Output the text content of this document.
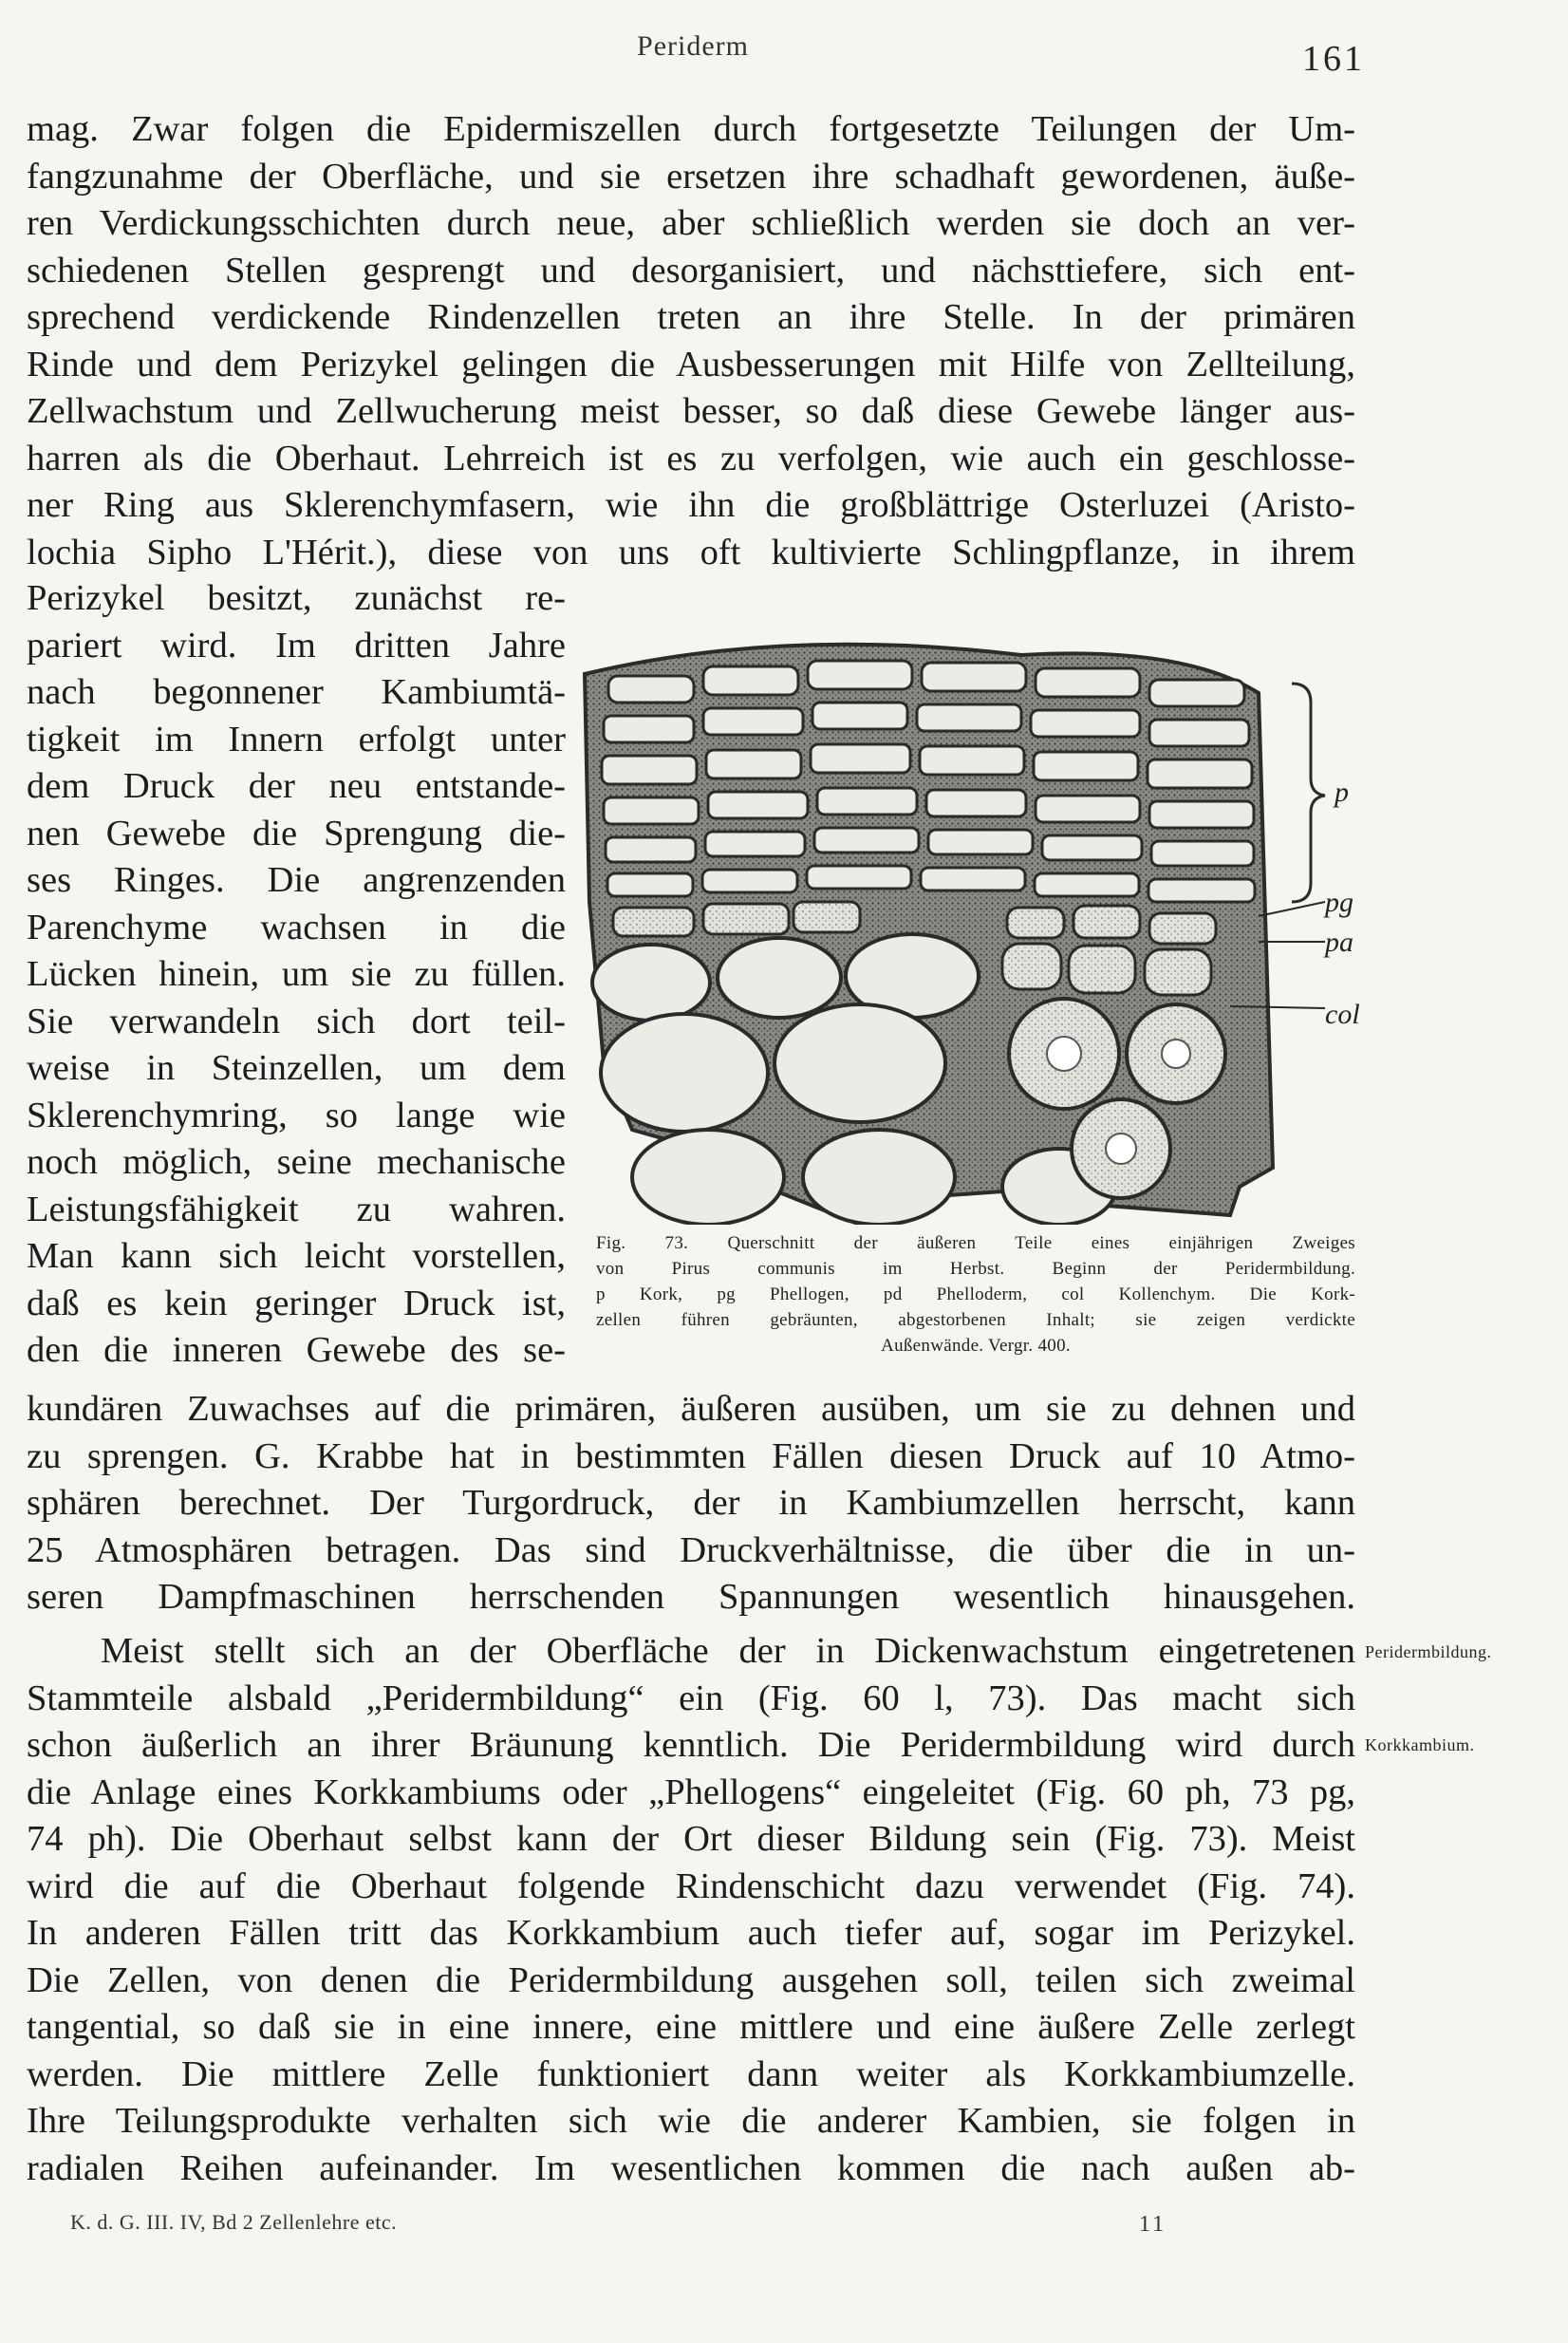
Periderm	161
mag. Zwar folgen die Epidermiszellen durch fortgesetzte Teilungen der Um-
fangzunahme der Oberfläche, und sie ersetzen ihre schadhaft gewordenen, äuße-
ren Verdickungsschichten durch neue, aber schließlich werden sie doch an ver-
schiedenen Stellen gesprengt und desorganisiert, und nächsttiefere, sich ent-
sprechend verdickende Rindenzellen treten an ihre Stelle. In der primären
Rinde und dem Perizykel gelingen die Ausbesserungen mit Hilfe von Zellteilung,
Zellwachstum und Zellwucherung meist besser, so daß diese Gewebe länger aus-
harren als die Oberhaut. Lehrreich ist es zu verfolgen, wie auch ein geschlosse-
ner Ring aus Sklerenchymfasern, wie ihn die großblättrige Osterluzei (Aristo-
lochia Sipho L'Hérit.), diese von uns oft kultivierte Schlingpflanze, in ihrem
Perizykel besitzt, zunächst re-
pariert wird. Im dritten Jahre
nach begonnener Kambiumtä-
tigkeit im Innern erfolgt unter
dem Druck der neu entstande-
nen Gewebe die Sprengung die-
ses Ringes. Die angrenzenden
Parenchyme wachsen in die
Lücken hinein, um sie zu füllen.
Sie verwandeln sich dort teil-
weise in Steinzellen, um dem
Sklerenchymring, so lange wie
noch möglich, seine mechanische
Leistungsfähigkeit zu wahren.
Man kann sich leicht vorstellen,
daß es kein geringer Druck ist,
den die inneren Gewebe des se-
p
pg
pa
col
Fig. 73. Querschnitt der äußeren Teile eines einjährigen Zweiges
von Pirus communis im Herbst. Beginn der Peridermbildung.
p Kork, pg Phellogen, pd Phelloderm, col Kollenchym. Die Kork-
zellen führen gebräunten, abgestorbenen Inhalt; sie zeigen verdickte
Außenwände. Vergr. 400.
kundären Zuwachses auf die primären, äußeren ausüben, um sie zu dehnen und
zu sprengen. G. Krabbe hat in bestimmten Fällen diesen Druck auf 10 Atmo-
sphären berechnet. Der Turgordruck, der in Kambiumzellen herrscht, kann
25 Atmosphären betragen. Das sind Druckverhältnisse, die über die in un-
seren Dampfmaschinen herrschenden Spannungen wesentlich hinausgehen.
Meist stellt sich an der Oberfläche der in Dickenwachstum eingetretenen
Stammteile alsbald „Peridermbildung“ ein (Fig. 60 l, 73). Das macht sich
schon äußerlich an ihrer Bräunung kenntlich. Die Peridermbildung wird durch
die Anlage eines Korkkambiums oder „Phellogens“ eingeleitet (Fig. 60 ph, 73 pg,
74 ph). Die Oberhaut selbst kann der Ort dieser Bildung sein (Fig. 73). Meist
wird die auf die Oberhaut folgende Rindenschicht dazu verwendet (Fig. 74).
In anderen Fällen tritt das Korkkambium auch tiefer auf, sogar im Perizykel.
Die Zellen, von denen die Peridermbildung ausgehen soll, teilen sich zweimal
tangential, so daß sie in eine innere, eine mittlere und eine äußere Zelle zerlegt
werden. Die mittlere Zelle funktioniert dann weiter als Korkkambiumzelle.
Ihre Teilungsprodukte verhalten sich wie die anderer Kambien, sie folgen in
radialen Reihen aufeinander. Im wesentlichen kommen die nach außen ab-
Peridermbildung.
Korkkambium.
K. d. G. III. IV, Bd 2 Zellenlehre etc.	11
